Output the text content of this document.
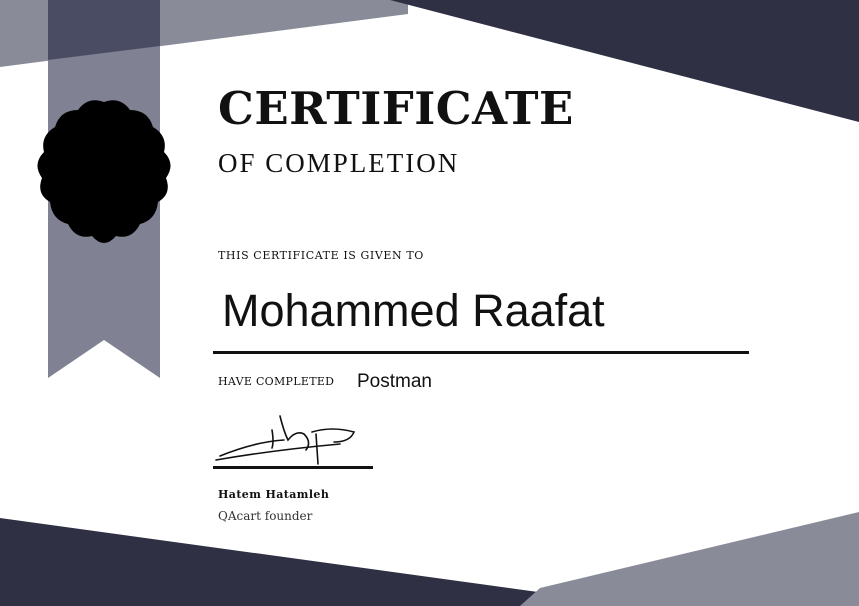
CERTIFICATE
OF COMPLETION
THIS CERTIFICATE IS GIVEN TO
Mohammed Raafat
HAVE COMPLETED Postman
Hatem Hatamleh
QAcart founder
